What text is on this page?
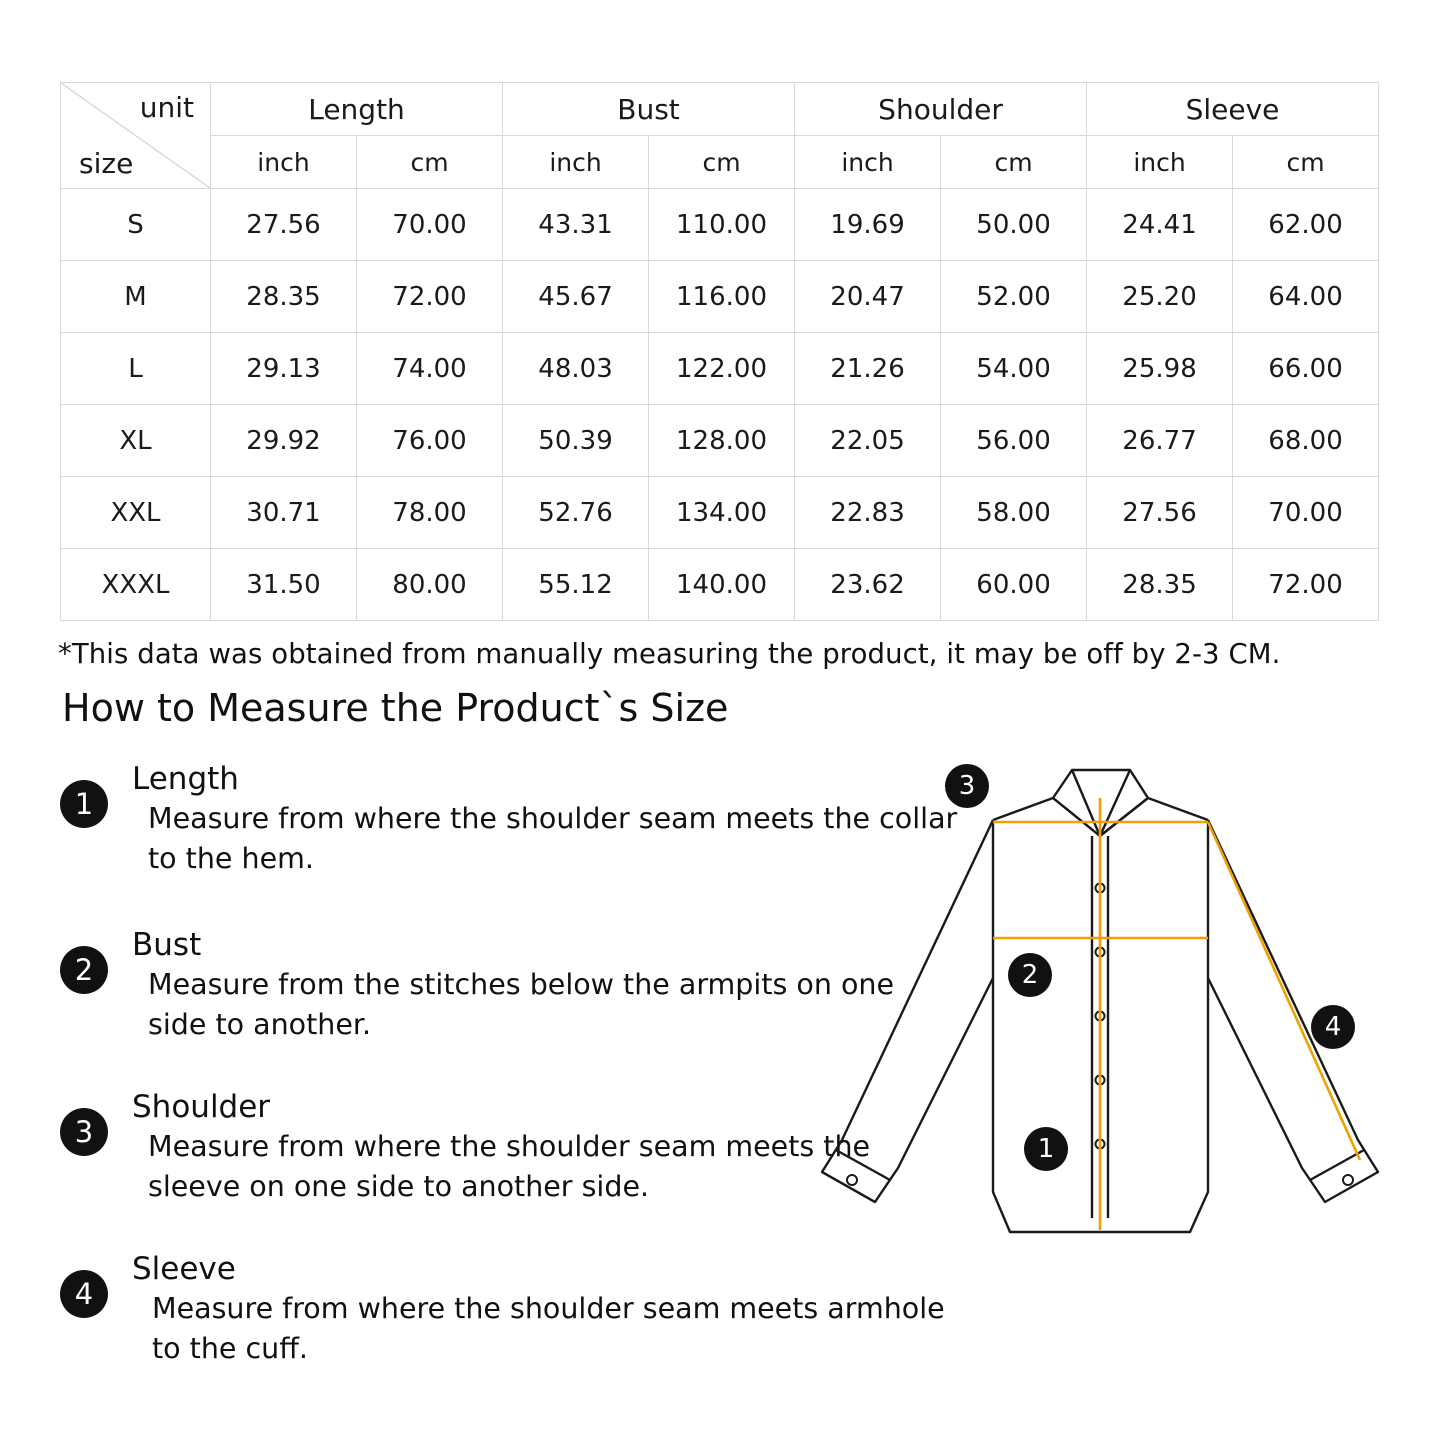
unit
size	Length		Bust		Shoulder		Sleeve	
	inch	cm	inch	cm	inch	cm	inch	cm
S	27.56	70.00	43.31	110.00	19.69	50.00	24.41	62.00
M	28.35	72.00	45.67	116.00	20.47	52.00	25.20	64.00
L	29.13	74.00	48.03	122.00	21.26	54.00	25.98	66.00
XL	29.92	76.00	50.39	128.00	22.05	56.00	26.77	68.00
XXL	30.71	78.00	52.76	134.00	22.83	58.00	27.56	70.00
XXXL	31.50	80.00	55.12	140.00	23.62	60.00	28.35	72.00
*This data was obtained from manually measuring the product, it may be off by 2-3 CM.
How to Measure the Product`s Size
1
Length
Measure from where the shoulder seam meets the collar to the hem.
2
Bust
Measure from the stitches below the armpits on one side to another.
3
Shoulder
Measure from where the shoulder seam meets the sleeve on one side to another side.
4
Sleeve
Measure from where the shoulder seam meets armhole to the cuff.
3
2
4
1
